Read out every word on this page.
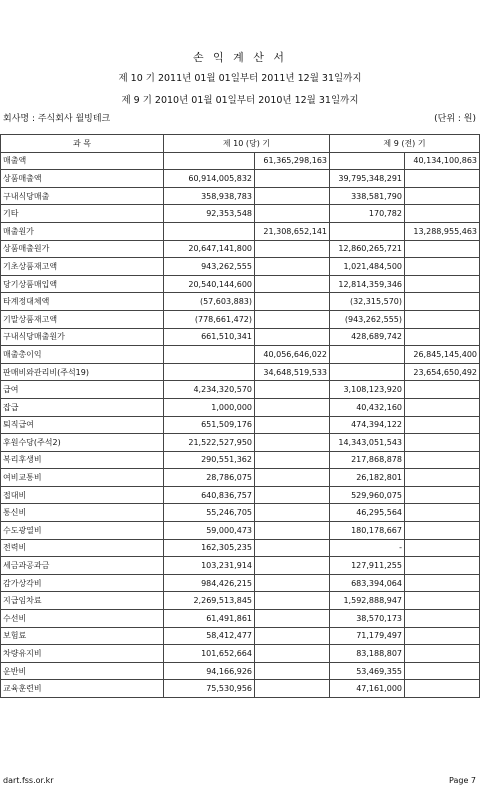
손 익 계 산 서
제 10 기 2011년 01월 01일부터 2011년 12월 31일까지
제 9 기 2010년 01월 01일부터 2010년 12월 31일까지
회사명 : 주식회사 월빙테크	(단위 : 원)
과 목	제 10 (당) 기		제 9 (전) 기	
매출액		61,365,298,163		40,134,100,863
상품매출액	60,914,005,832		39,795,348,291	
구내식당매출	358,938,783		338,581,790	
기타	92,353,548		170,782	
매출원가		21,308,652,141		13,288,955,463
상품매출원가	20,647,141,800		12,860,265,721	
기초상품재고액	943,262,555		1,021,484,500	
당기상품매입액	20,540,144,600		12,814,359,346	
타계정대체액	(57,603,883)		(32,315,570)	
기말상품재고액	(778,661,472)		(943,262,555)	
구내식당매출원가	661,510,341		428,689,742	
매출총이익		40,056,646,022		26,845,145,400
판매비와관리비(주석19)		34,648,519,533		23,654,650,492
급여	4,234,320,570		3,108,123,920	
잡급	1,000,000		40,432,160	
퇴직급여	651,509,176		474,394,122	
후원수당(주석2)	21,522,527,950		14,343,051,543	
복리후생비	290,551,362		217,868,878	
여비교통비	28,786,075		26,182,801	
접대비	640,836,757		529,960,075	
통신비	55,246,705		46,295,564	
수도광열비	59,000,473		180,178,667	
전력비	162,305,235		-	
세금과공과금	103,231,914		127,911,255	
감가상각비	984,426,215		683,394,064	
지급임차료	2,269,513,845		1,592,888,947	
수선비	61,491,861		38,570,173	
보험료	58,412,477		71,179,497	
차량유지비	101,652,664		83,188,807	
운반비	94,166,926		53,469,355	
교육훈련비	75,530,956		47,161,000	
dart.fss.or.kr	Page 7
